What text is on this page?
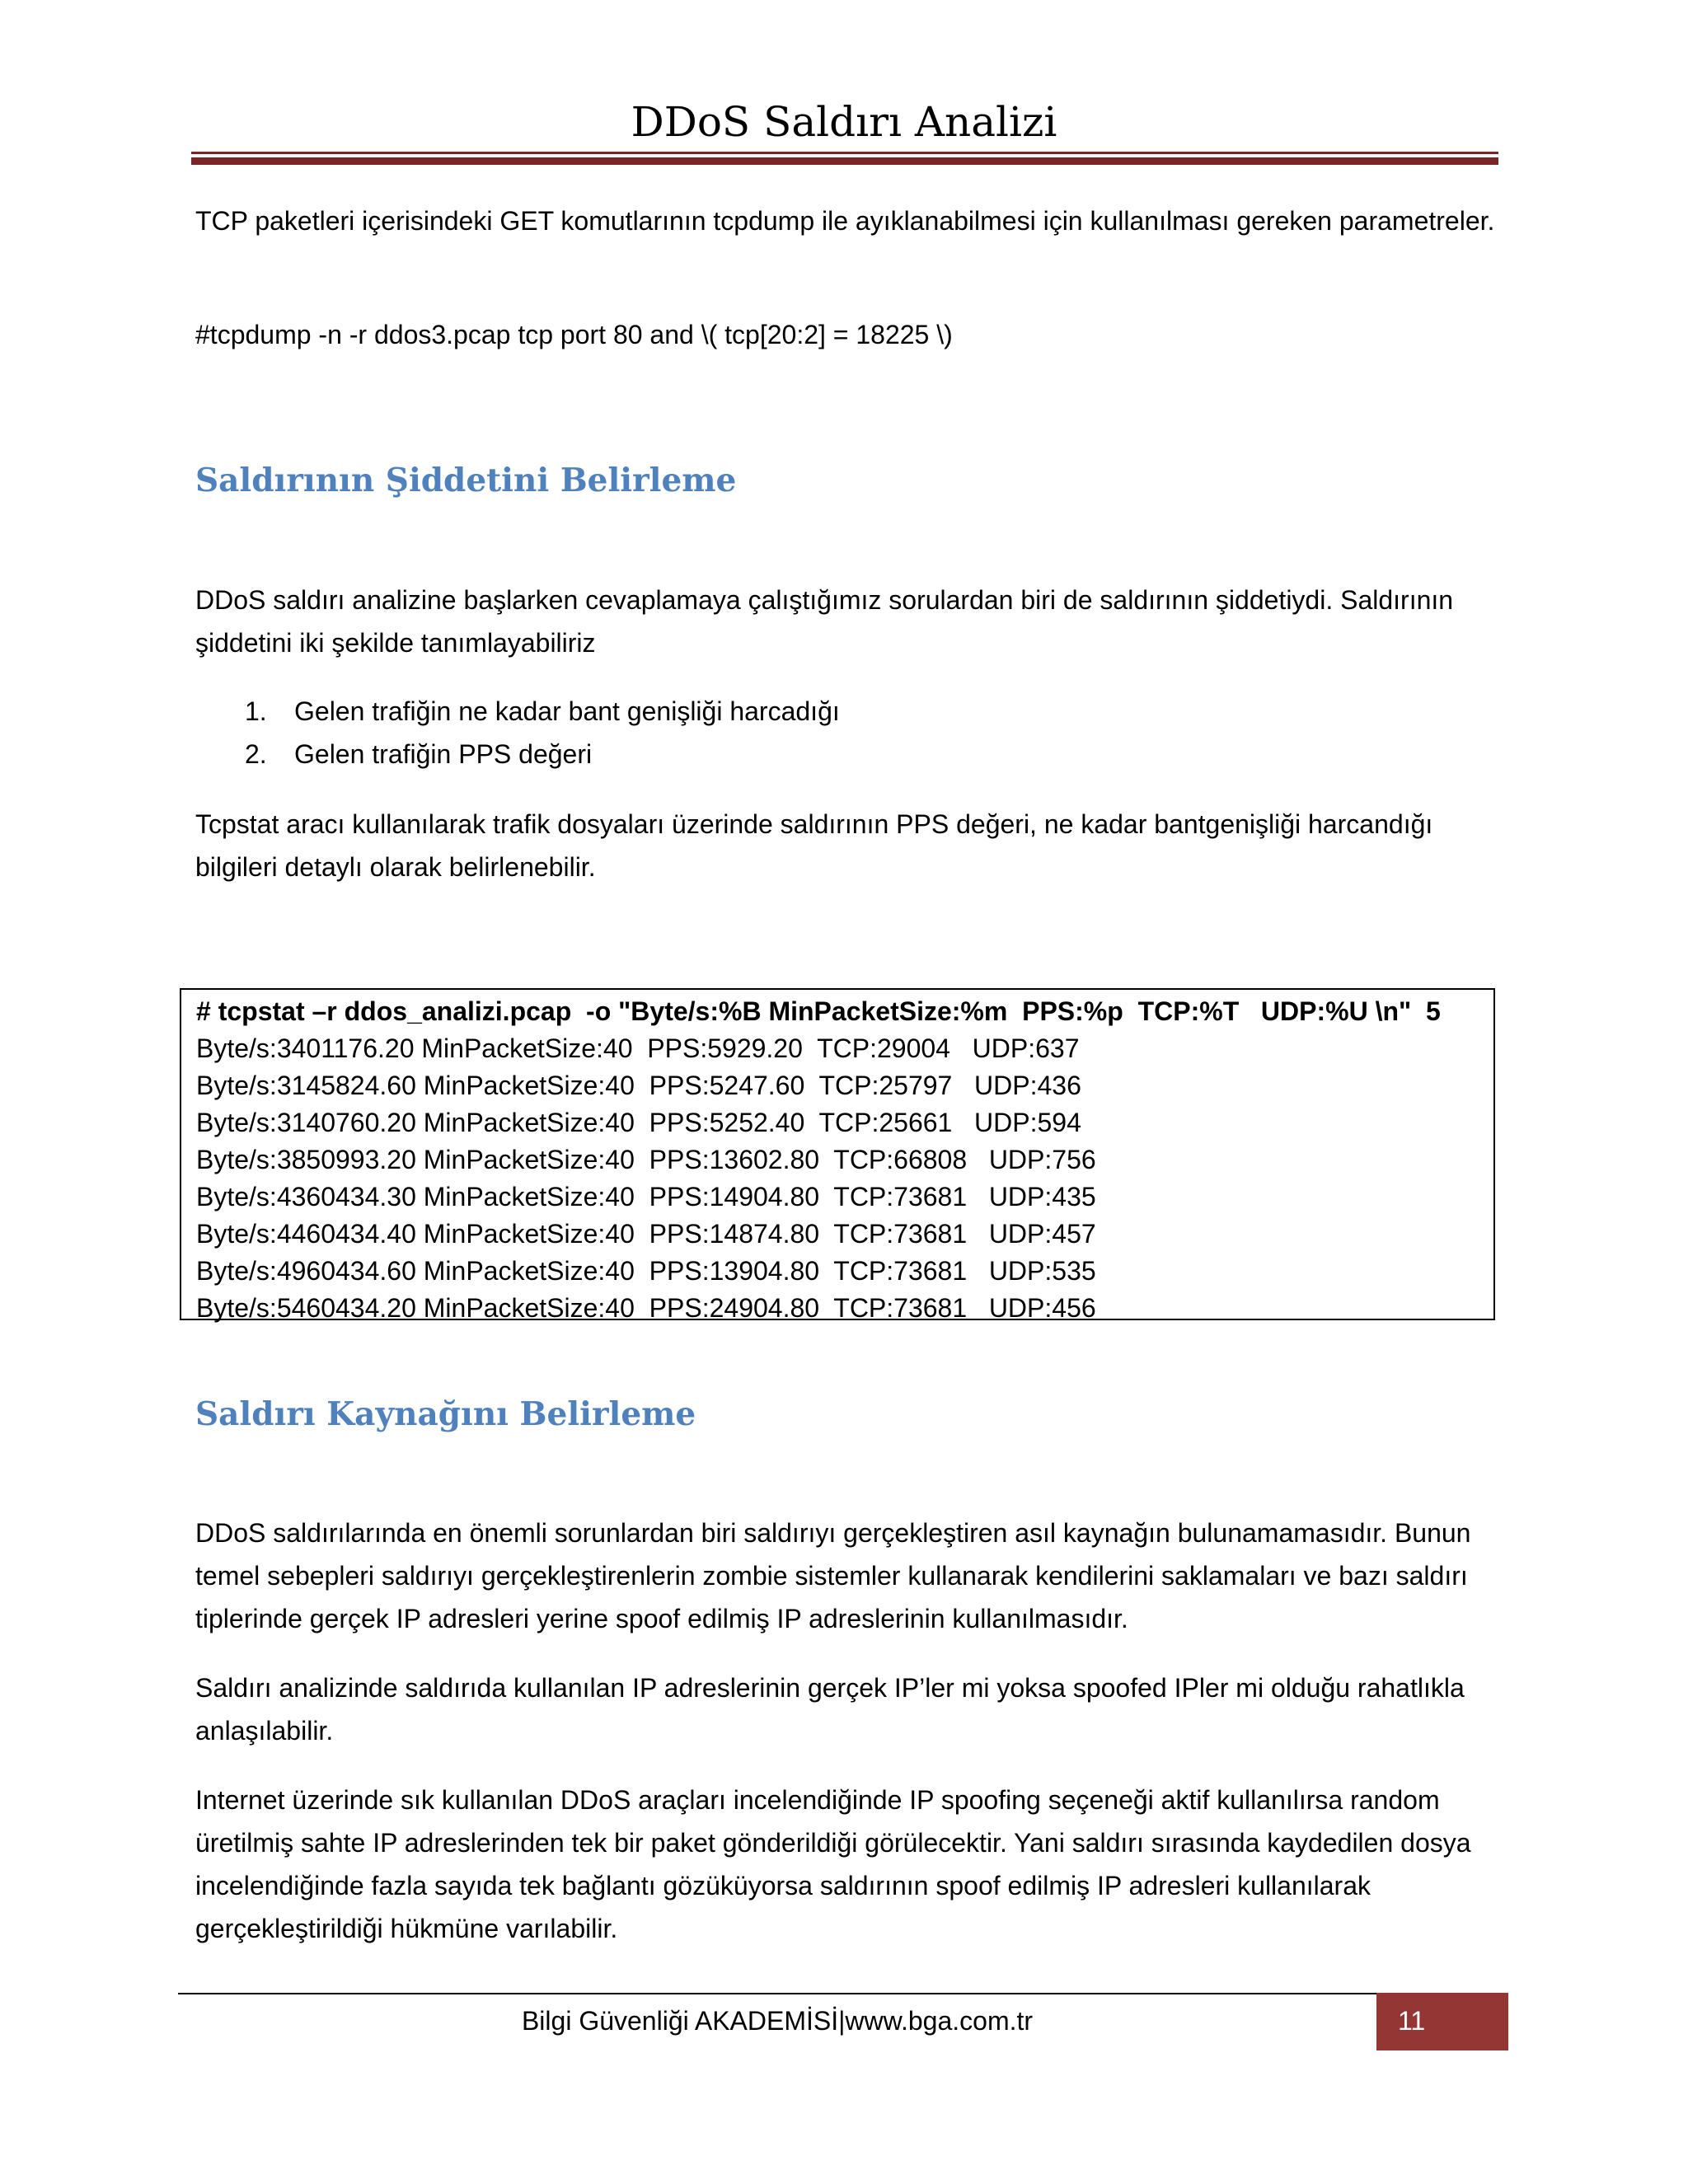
DDoS Saldırı Analizi

TCP paketleri içerisindeki GET komutlarının tcpdump ile ayıklanabilmesi için kullanılması gereken parametreler.

#tcpdump -n -r ddos3.pcap tcp port 80 and \( tcp[20:2] = 18225 \)

Saldırının Şiddetini Belirleme

DDoS saldırı analizine başlarken cevaplamaya çalıştığımız sorulardan biri de saldırının şiddetiydi. Saldırının şiddetini iki şekilde tanımlayabiliriz

1. Gelen trafiğin ne kadar bant genişliği harcadığı
2. Gelen trafiğin PPS değeri

Tcpstat aracı kullanılarak trafik dosyaları üzerinde saldırının PPS değeri, ne kadar bantgenişliği harcandığı bilgileri detaylı olarak belirlenebilir.

# tcpstat –r ddos_analizi.pcap  -o "Byte/s:%B MinPacketSize:%m  PPS:%p  TCP:%T   UDP:%U \n"  5
Byte/s:3401176.20 MinPacketSize:40  PPS:5929.20  TCP:29004   UDP:637
Byte/s:3145824.60 MinPacketSize:40  PPS:5247.60  TCP:25797   UDP:436
Byte/s:3140760.20 MinPacketSize:40  PPS:5252.40  TCP:25661   UDP:594
Byte/s:3850993.20 MinPacketSize:40  PPS:13602.80  TCP:66808   UDP:756
Byte/s:4360434.30 MinPacketSize:40  PPS:14904.80  TCP:73681   UDP:435
Byte/s:4460434.40 MinPacketSize:40  PPS:14874.80  TCP:73681   UDP:457
Byte/s:4960434.60 MinPacketSize:40  PPS:13904.80  TCP:73681   UDP:535
Byte/s:5460434.20 MinPacketSize:40  PPS:24904.80  TCP:73681   UDP:456
Saldırı Kaynağını Belirleme

DDoS saldırılarında en önemli sorunlardan biri saldırıyı gerçekleştiren asıl kaynağın bulunamamasıdır. Bunun temel sebepleri saldırıyı gerçekleştirenlerin zombie sistemler kullanarak kendilerini saklamaları ve bazı saldırı tiplerinde gerçek IP adresleri yerine spoof edilmiş IP adreslerinin kullanılmasıdır.

Saldırı analizinde saldırıda kullanılan IP adreslerinin gerçek IP’ler mi yoksa spoofed IPler mi olduğu rahatlıkla anlaşılabilir.

Internet üzerinde sık kullanılan DDoS araçları incelendiğinde IP spoofing seçeneği aktif kullanılırsa random üretilmiş sahte IP adreslerinden tek bir paket gönderildiği görülecektir. Yani saldırı sırasında kaydedilen dosya incelendiğinde fazla sayıda tek bağlantı gözüküyorsa saldırının spoof edilmiş IP adresleri kullanılarak gerçekleştirildiği hükmüne varılabilir.

Bilgi Güvenliği AKADEMİSİ|www.bga.com.tr	11
